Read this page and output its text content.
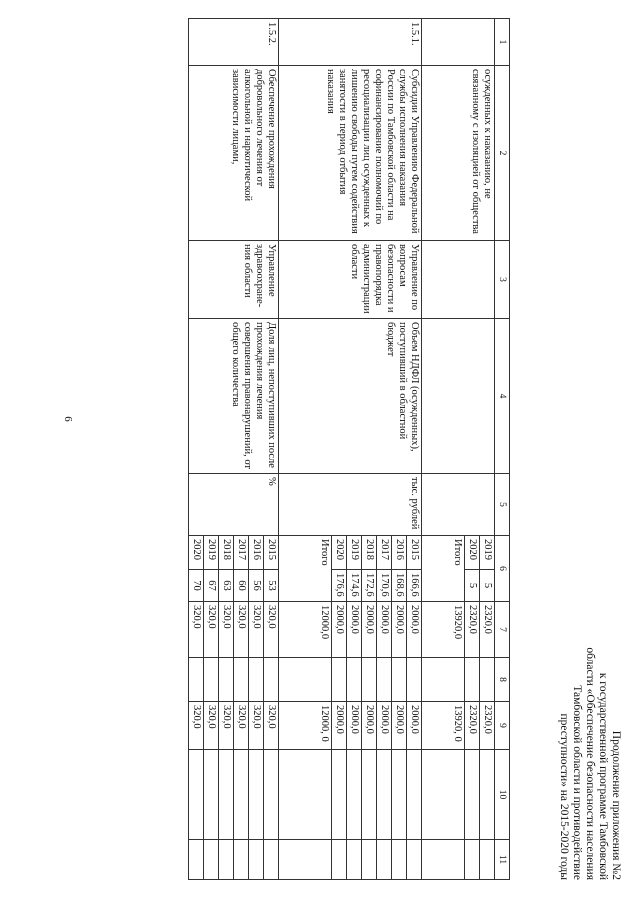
6
Продолжение приложения №2
к государственной программе Тамбовской
области «Обеспечение безопасности населения
Тамбовской области и противодействие
преступности» на 2015-2020 годы
1	2	3	4	5	6		7	8	9	10	11
	осужденных к наказанию, не связанному с изоляцией от общества				2019	5	2320,0		2320,0		
					2020	5	2320,0		2320,0		
					Итого		13920,0		13920, 0		
1.5.1.	Субсидии Управлению Федеральной службы исполнения наказания России по Тамбовской области на софинансирование полномочий по ресоциализации лиц осужденных к лишению свободы путем содействия занятости в период отбытия наказания	Управление по вопросам безопасности и правопорядка администрации области	Объем НДФЛ (осужденных), поступивший в областной бюджет	тыс. рублей	2015	166,6	2000,0		2000,0		
					2016	168,6	2000,0		2000,0		
					2017	170,6	2000,0		2000,0		
					2018	172,6	2000,0		2000,0		
					2019	174,6	2000,0		2000,0		
					2020	176,6	2000,0		2000,0		
					Итого		12000,0		12000, 0		
1.5.2.	Обеспечение прохождения добровольного лечения от алкогольной и наркотической зависимости лицами,	Управление здравоохране-ния области	Доля лиц, непоступивших после прохождения лечения совершения правонарушений, от общего количества	%	2015	53	320,0		320,0		
					2016	56	320,0		320,0		
					2017	60	320,0		320,0		
					2018	63	320,0		320,0		
					2019	67	320,0		320,0		
					2020	70	320,0		320,0		
